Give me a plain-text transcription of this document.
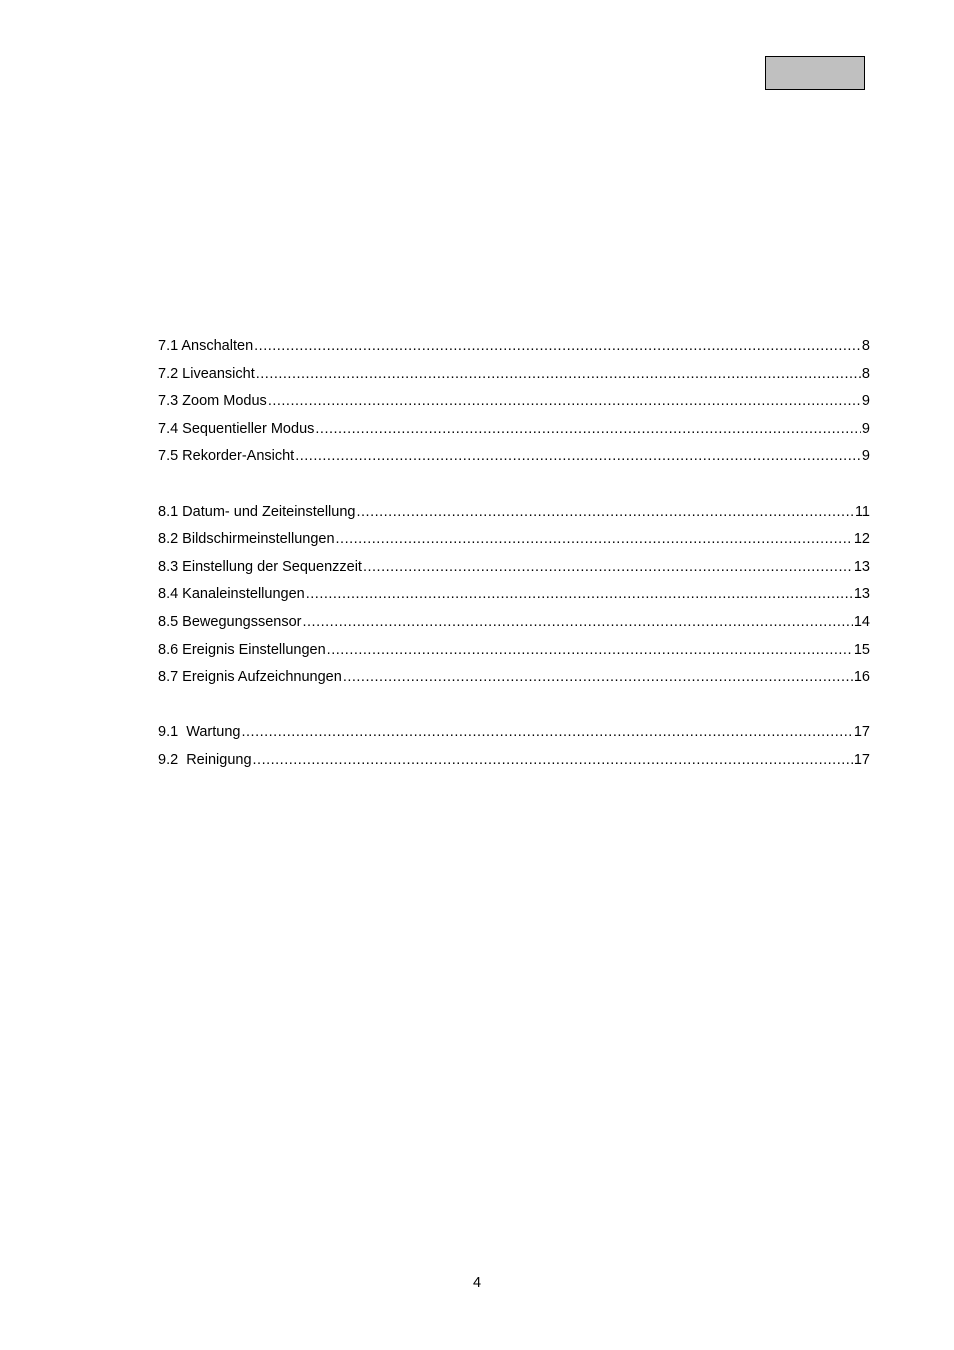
7.1 Anschalten .....	8
7.2 Liveansicht .....	8
7.3 Zoom Modus .....	9
7.4 Sequentieller Modus .....	9
7.5 Rekorder-Ansicht .....	9
8.1 Datum- und Zeiteinstellung .....	11
8.2 Bildschirmeinstellungen .....	12
8.3 Einstellung der Sequenzzeit .....	13
8.4 Kanaleinstellungen .....	13
8.5 Bewegungssensor .....	14
8.6 Ereignis Einstellungen .....	15
8.7 Ereignis Aufzeichnungen .....	16
9.1  Wartung .....	17
9.2  Reinigung .....	17
4
